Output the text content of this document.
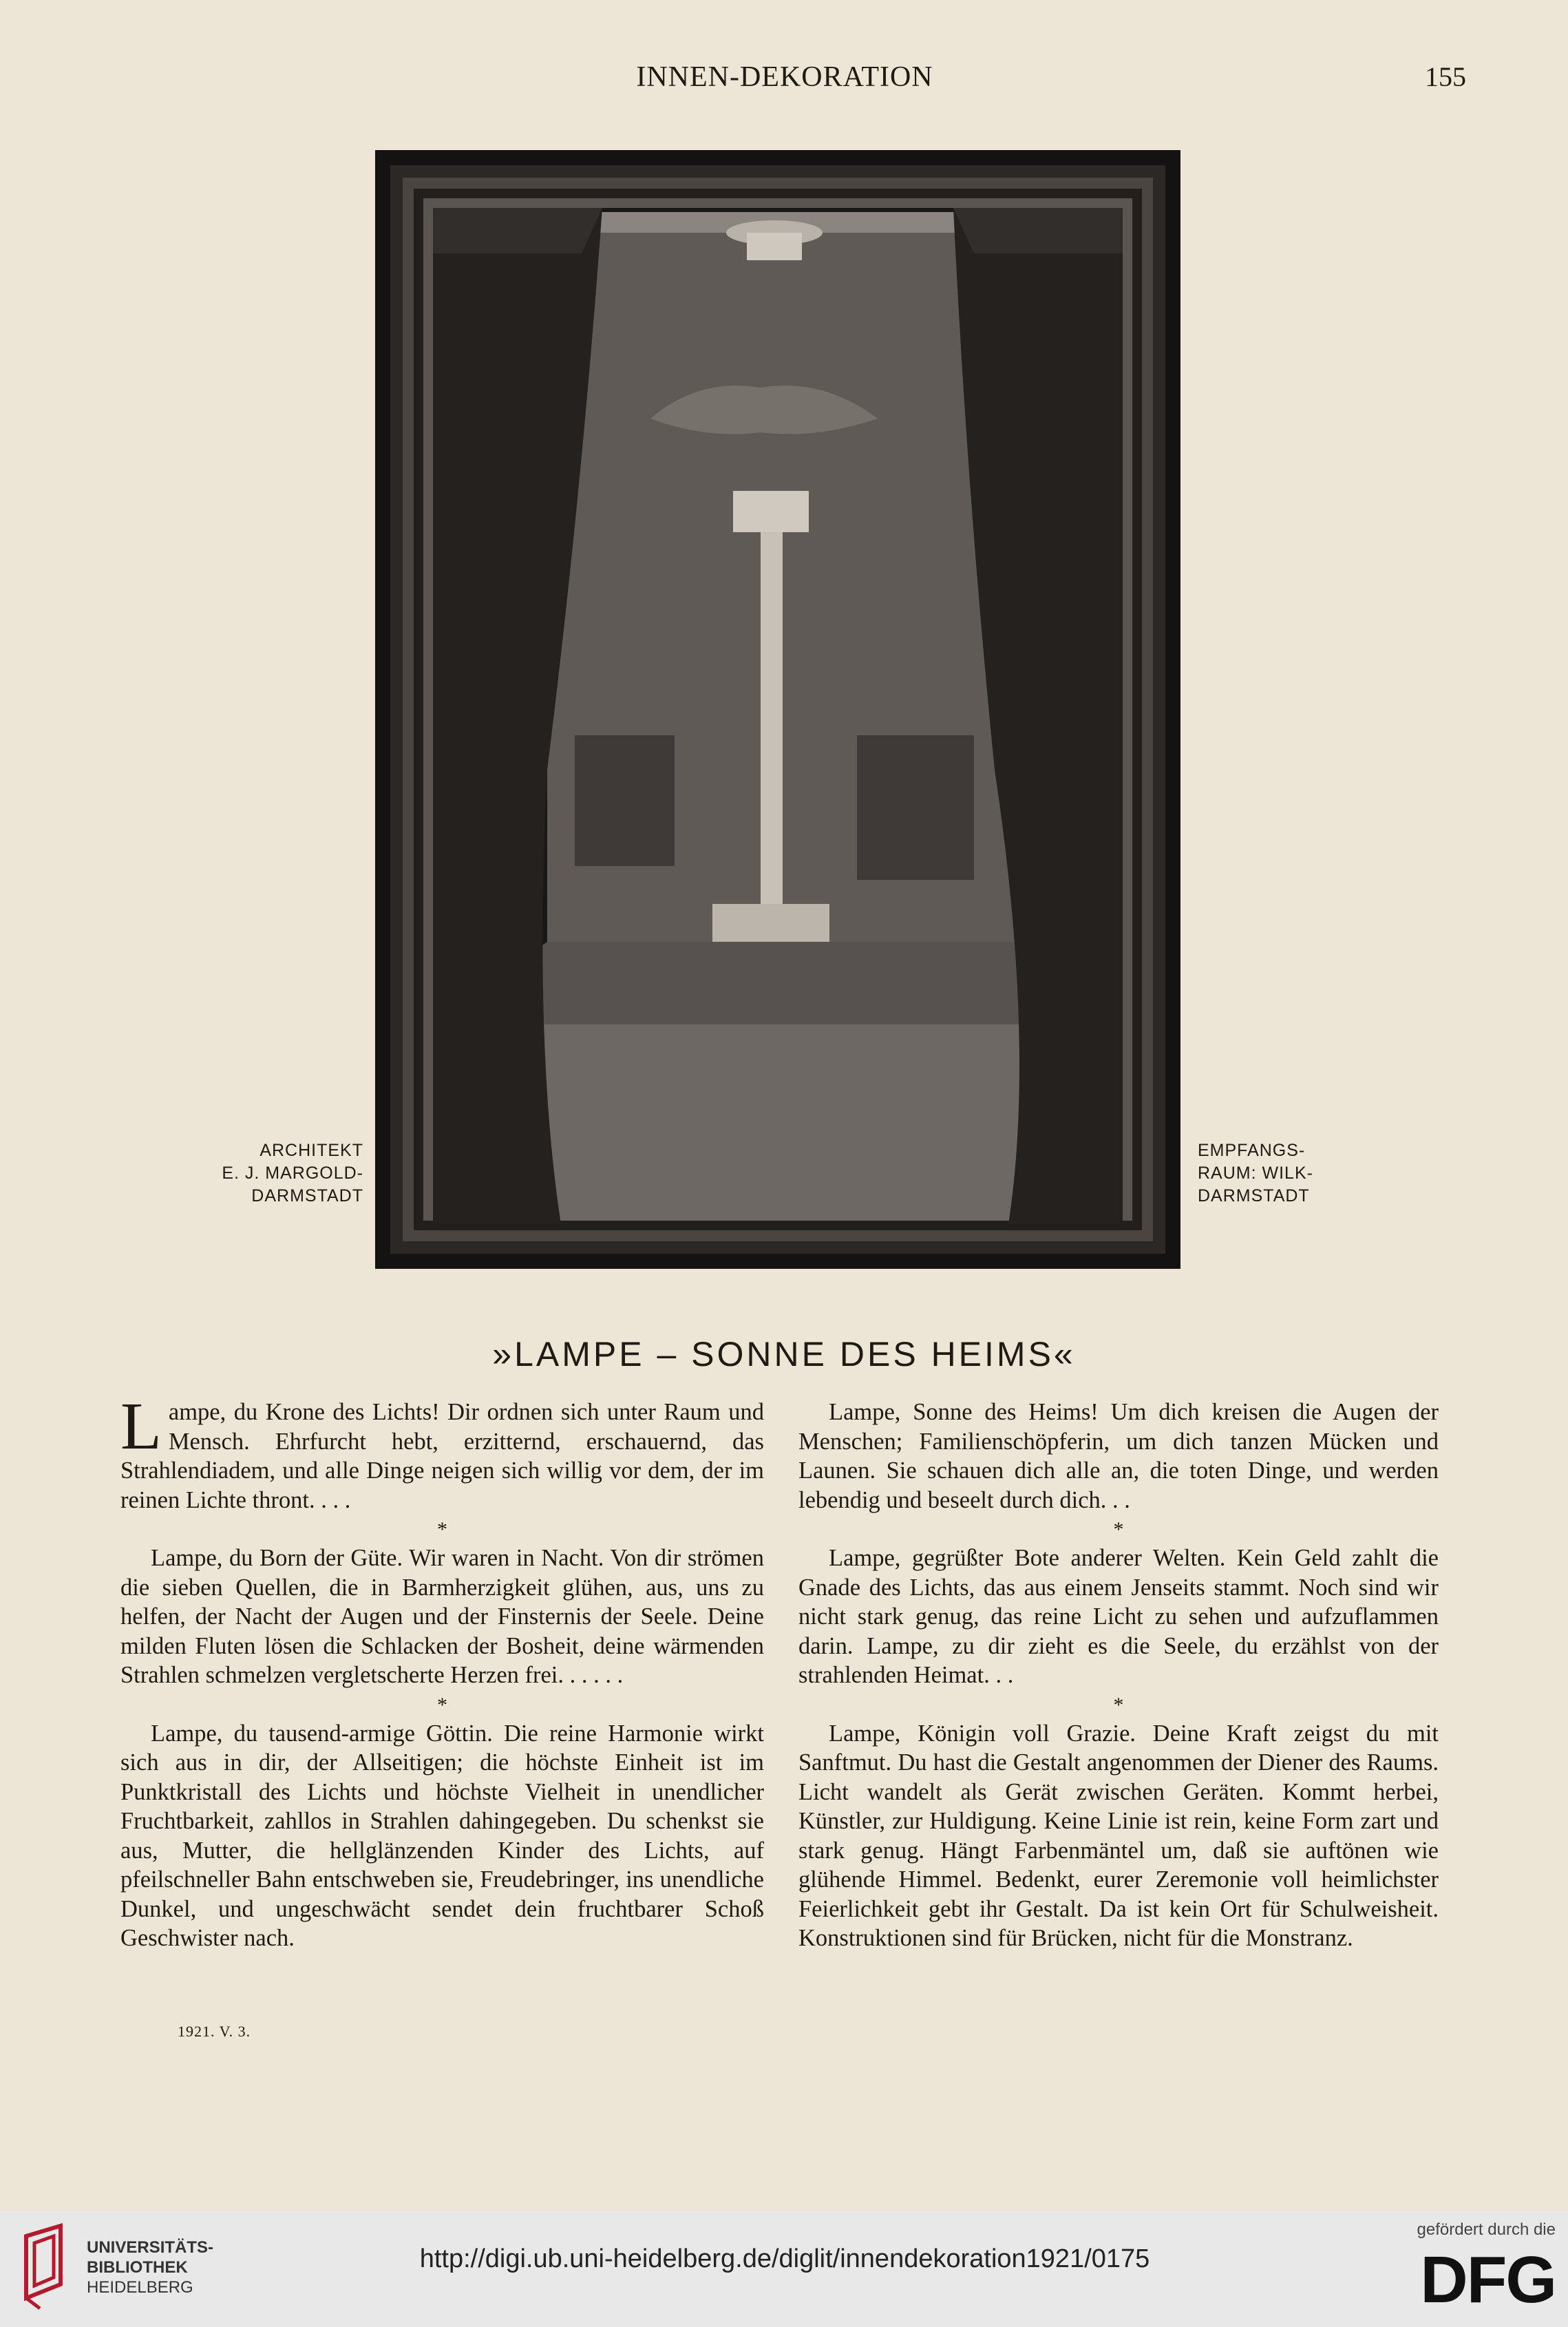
INNEN-DEKORATION	155
ARCHITEKT
E. J. MARGOLD-
DARMSTADT
EMPFANGS-
RAUM: WILK-
DARMSTADT
»LAMPE – SONNE DES HEIMS«

Lampe, du Krone des Lichts! Dir ordnen sich unter Raum und Mensch. Ehrfurcht hebt, erzitternd, erschauernd, das Strahlendiadem, und alle Dinge neigen sich willig vor dem, der im reinen Lichte thront. . . .

*

Lampe, du Born der Güte. Wir waren in Nacht. Von dir strömen die sieben Quellen, die in Barmherzigkeit glühen, aus, uns zu helfen, der Nacht der Augen und der Finsternis der Seele. Deine milden Fluten lösen die Schlacken der Bosheit, deine wärmenden Strahlen schmelzen vergletscherte Herzen frei. . . . . .

*

Lampe, du tausend-armige Göttin. Die reine Harmonie wirkt sich aus in dir, der Allseitigen; die höchste Einheit ist im Punktkristall des Lichts und höchste Vielheit in unendlicher Fruchtbarkeit, zahllos in Strahlen dahingegeben. Du schenkst sie aus, Mutter, die hellglänzenden Kinder des Lichts, auf pfeilschneller Bahn entschweben sie, Freudebringer, ins unendliche Dunkel, und ungeschwächt sendet dein fruchtbarer Schoß Geschwister nach.

Lampe, Sonne des Heims! Um dich kreisen die Augen der Menschen; Familienschöpferin, um dich tanzen Mücken und Launen. Sie schauen dich alle an, die toten Dinge, und werden lebendig und beseelt durch dich. . .

*

Lampe, gegrüßter Bote anderer Welten. Kein Geld zahlt die Gnade des Lichts, das aus einem Jenseits stammt. Noch sind wir nicht stark genug, das reine Licht zu sehen und aufzuflammen darin. Lampe, zu dir zieht es die Seele, du erzählst von der strahlenden Heimat. . .

*

Lampe, Königin voll Grazie. Deine Kraft zeigst du mit Sanftmut. Du hast die Gestalt angenommen der Diener des Raums. Licht wandelt als Gerät zwischen Geräten. Kommt herbei, Künstler, zur Huldigung. Keine Linie ist rein, keine Form zart und stark genug. Hängt Farbenmäntel um, daß sie auftönen wie glühende Himmel. Bedenkt, eurer Zeremonie voll heimlichster Feierlichkeit gebt ihr Gestalt. Da ist kein Ort für Schulweisheit. Konstruktionen sind für Brücken, nicht für die Monstranz.

1921. V. 3.
UNIVERSITÄTS-
BIBLIOTHEK
HEIDELBERG
http://digi.ub.uni-heidelberg.de/diglit/innendekoration1921/0175
gefördert durch die
DFG
